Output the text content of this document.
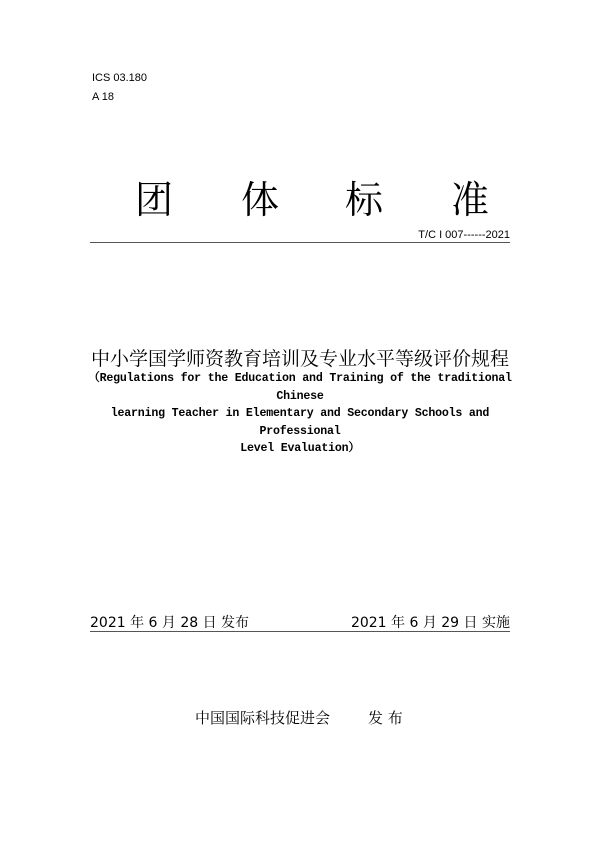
ICS 03.180
A 18
团 体 标 准
T/C I 007------2021
中小学国学师资教育培训及专业水平等级评价规程
（Regulations for the Education and Training of the traditional Chinese
learning Teacher in Elementary and Secondary Schools and Professional
Level Evaluation）
2021 年 6 月 28 日 发布	2021 年 6 月 29 日 实施
中国国际科技促进会	发 布
